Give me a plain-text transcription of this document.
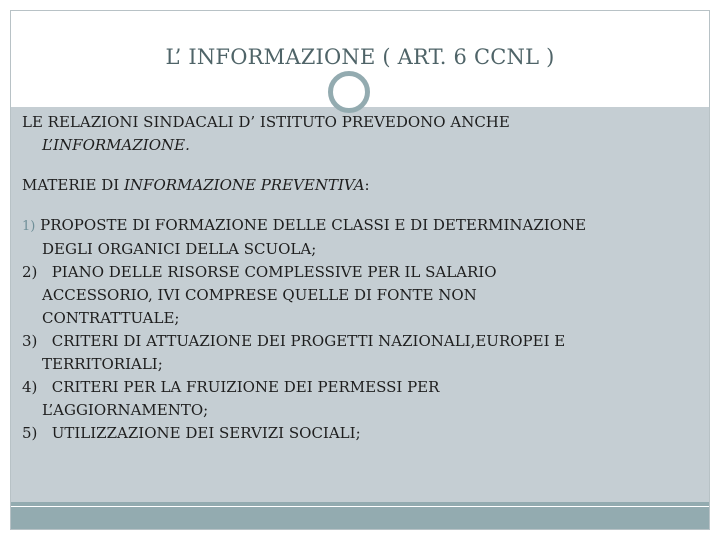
L’ INFORMAZIONE ( ART. 6 CCNL )

LE RELAZIONI SINDACALI D’ ISTITUTO PREVEDONO ANCHE

L’INFORMAZIONE.

MATERIE DI INFORMAZIONE PREVENTIVA:

1) PROPOSTE DI FORMAZIONE DELLE CLASSI E DI DETERMINAZIONE
DEGLI ORGANICI DELLA SCUOLA;
2) PIANO DELLE RISORSE COMPLESSIVE PER IL SALARIO
ACCESSORIO, IVI COMPRESE QUELLE DI FONTE NON
CONTRATTUALE;
3) CRITERI DI ATTUAZIONE DEI PROGETTI NAZIONALI,EUROPEI E
TERRITORIALI;
4) CRITERI PER LA FRUIZIONE DEI PERMESSI PER
L’AGGIORNAMENTO;
5) UTILIZZAZIONE DEI SERVIZI SOCIALI;
